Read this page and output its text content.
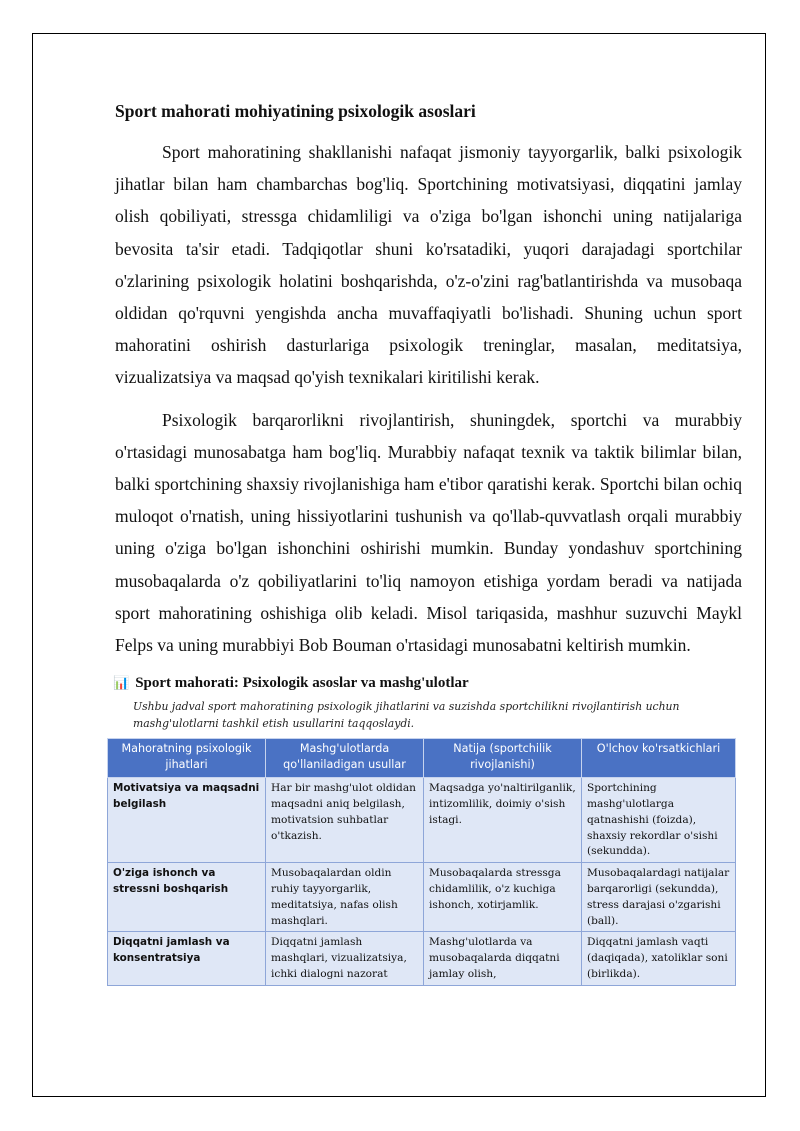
Sport mahorati mohiyatining psixologik asoslari

Sport mahoratining shakllanishi nafaqat jismoniy tayyorgarlik, balki psixologik jihatlar bilan ham chambarchas bog'liq. Sportchining motivatsiyasi, diqqatini jamlay olish qobiliyati, stressga chidamliligi va o'ziga bo'lgan ishonchi uning natijalariga bevosita ta'sir etadi. Tadqiqotlar shuni ko'rsatadiki, yuqori darajadagi sportchilar o'zlarining psixologik holatini boshqarishda, o'z-o'zini rag'batlantirishda va musobaqa oldidan qo'rquvni yengishda ancha muvaffaqiyatli bo'lishadi. Shuning uchun sport mahoratini oshirish dasturlariga psixologik treninglar, masalan, meditatsiya, vizualizatsiya va maqsad qo'yish texnikalari kiritilishi kerak.

Psixologik barqarorlikni rivojlantirish, shuningdek, sportchi va murabbiy o'rtasidagi munosabatga ham bog'liq. Murabbiy nafaqat texnik va taktik bilimlar bilan, balki sportchining shaxsiy rivojlanishiga ham e'tibor qaratishi kerak. Sportchi bilan ochiq muloqot o'rnatish, uning hissiyotlarini tushunish va qo'llab-quvvatlash orqali murabbiy uning o'ziga bo'lgan ishonchini oshirishi mumkin. Bunday yondashuv sportchining musobaqalarda o'z qobiliyatlarini to'liq namoyon etishiga yordam beradi va natijada sport mahoratining oshishiga olib keladi. Misol tariqasida, mashhur suzuvchi Maykl Felps va uning murabbiyi Bob Bouman o'rtasidagi munosabatni keltirish mumkin.

📊 Sport mahorati: Psixologik asoslar va mashg'ulotlar
Ushbu jadval sport mahoratining psixologik jihatlarini va suzishda sportchilikni rivojlantirish uchun mashg'ulotlarni tashkil etish usullarini taqqoslaydi.
Mahoratning psixologik jihatlari	Mashg'ulotlarda qo'llaniladigan usullar	Natija (sportchilik rivojlanishi)	O'lchov ko'rsatkichlari
Motivatsiya va maqsadni belgilash	Har bir mashg'ulot oldidan maqsadni aniq belgilash, motivatsion suhbatlar o'tkazish.	Maqsadga yo'naltirilganlik, intizomlilik, doimiy o'sish istagi.	Sportchining mashg'ulotlarga qatnashishi (foizda), shaxsiy rekordlar o'sishi (sekundda).
O'ziga ishonch va stressni boshqarish	Musobaqalardan oldin ruhiy tayyorgarlik, meditatsiya, nafas olish mashqlari.	Musobaqalarda stressga chidamlilik, o'z kuchiga ishonch, xotirjamlik.	Musobaqalardagi natijalar barqarorligi (sekundda), stress darajasi o'zgarishi (ball).
Diqqatni jamlash va konsentratsiya	Diqqatni jamlash mashqlari, vizualizatsiya, ichki dialogni nazorat	Mashg'ulotlarda va musobaqalarda diqqatni jamlay olish,	Diqqatni jamlash vaqti (daqiqada), xatoliklar soni (birlikda).
